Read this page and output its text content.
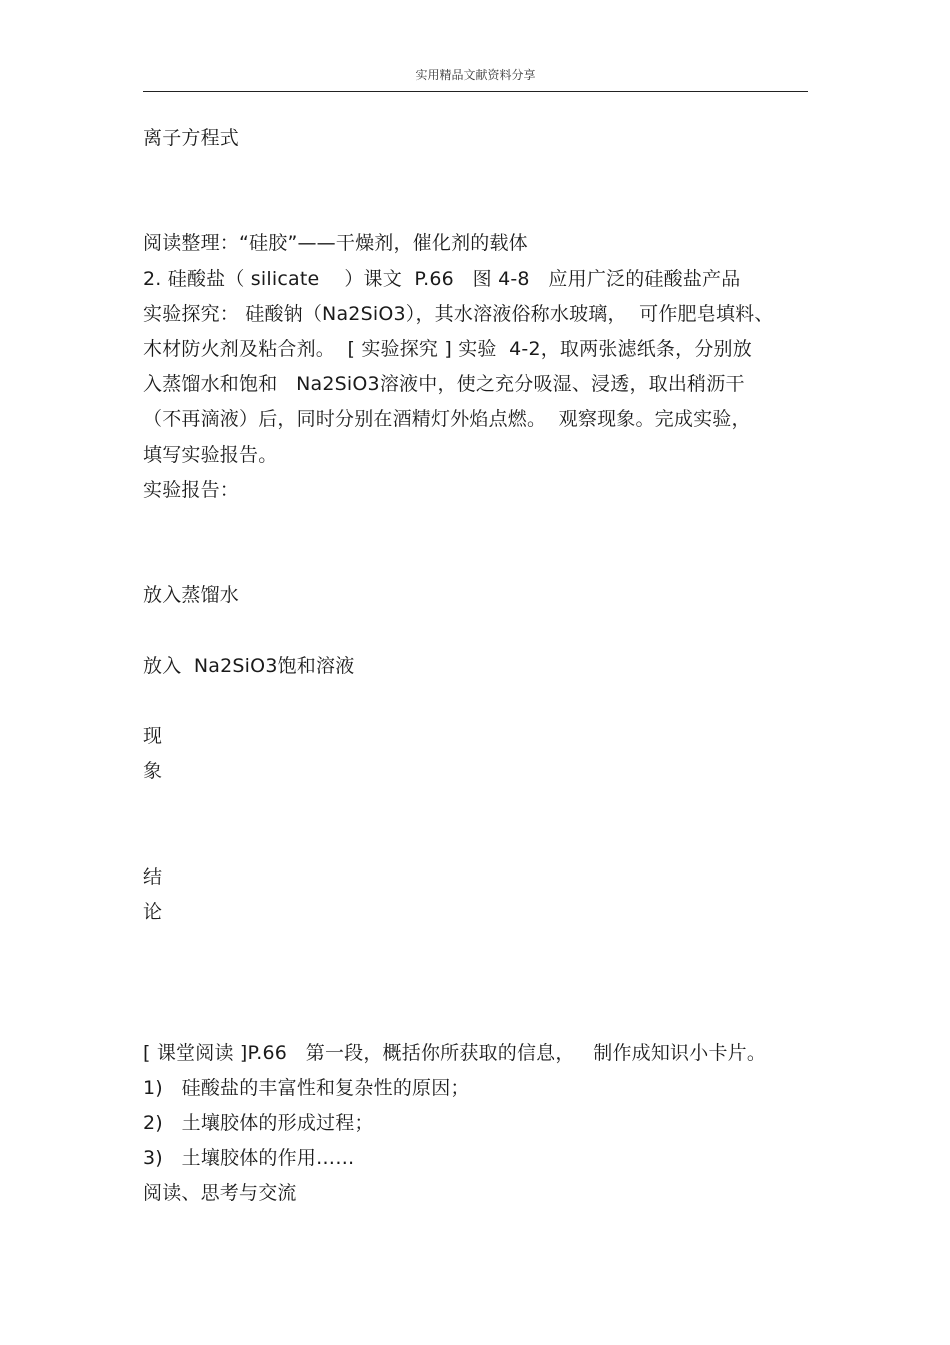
实用精品文献资料分享
离子方程式
阅读整理：“硅胶”——干燥剂，催化剂的载体
2. 硅酸盐（ silicate    ）课文  P.66   图 4-8   应用广泛的硅酸盐产品
实验探究： 硅酸钠（Na2SiO3），其水溶液俗称水玻璃，  可作肥皂填料、
木材防火剂及粘合剂。  [ 实验探究 ] 实验  4-2，取两张滤纸条，分别放
入蒸馏水和饱和   Na2SiO3溶液中，使之充分吸湿、浸透，取出稍沥干
（不再滴液）后，同时分别在酒精灯外焰点燃。  观察现象。完成实验，
填写实验报告。
实验报告：
放入蒸馏水
放入  Na2SiO3饱和溶液
现
象
结
论
[ 课堂阅读 ]P.66   第一段，概括你所获取的信息，   制作成知识小卡片。
1)   硅酸盐的丰富性和复杂性的原因；
2)   土壤胶体的形成过程；
3)   土壤胶体的作用……
阅读、思考与交流
